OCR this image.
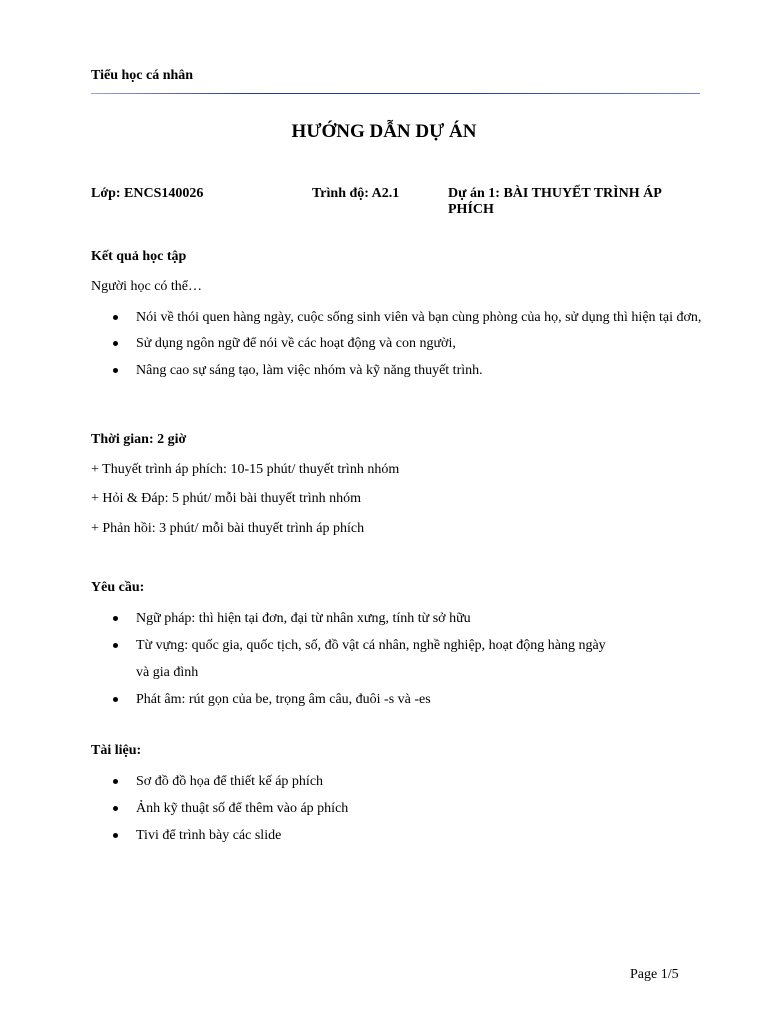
Tiểu học cá nhân
HƯỚNG DẪN DỰ ÁN
Lớp: ENCS140026	Trình độ: A2.1	Dự án 1: BÀI THUYẾT TRÌNH ÁP PHÍCH
Kết quả học tập
Người học có thể…
Nói về thói quen hàng ngày, cuộc sống sinh viên và bạn cùng phòng của họ, sử dụng thì hiện tại đơn,
Sử dụng ngôn ngữ để nói về các hoạt động và con người,
Nâng cao sự sáng tạo, làm việc nhóm và kỹ năng thuyết trình.
Thời gian: 2 giờ
+ Thuyết trình áp phích: 10-15 phút/ thuyết trình nhóm
+ Hỏi & Đáp: 5 phút/ mỗi bài thuyết trình nhóm
+ Phản hồi: 3 phút/ mỗi bài thuyết trình áp phích
Yêu cầu:
Ngữ pháp: thì hiện tại đơn, đại từ nhân xưng, tính từ sở hữu
Từ vựng: quốc gia, quốc tịch, số, đồ vật cá nhân, nghề nghiệp, hoạt động hàng ngày
và gia đình
Phát âm: rút gọn của be, trọng âm câu, đuôi -s và -es
Tài liệu:
Sơ đồ đồ họa để thiết kế áp phích
Ảnh kỹ thuật số để thêm vào áp phích
Tivi để trình bày các slide
Page 1/5
